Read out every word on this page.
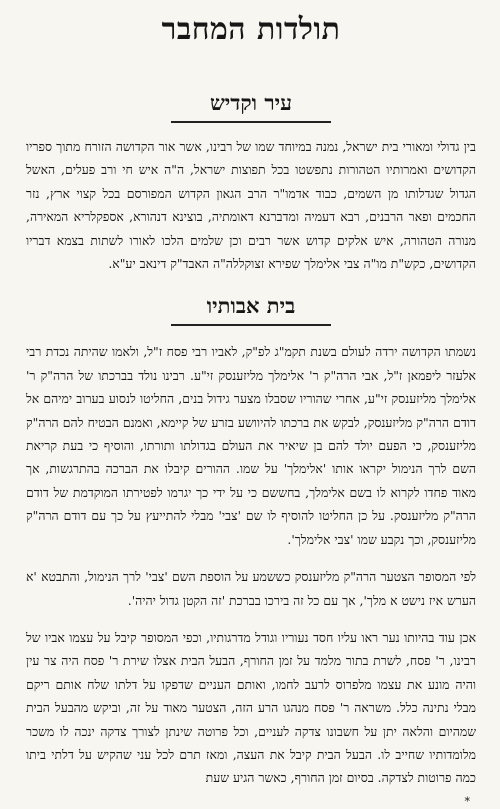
תולדות המחבר
עיר וקדיש

בין גדולי ומאורי בית ישראל, נמנה במיוחד שמו של רבינו, אשר אור הקדושה הזורח מתוך ספריו הקדושים ואמרותיו הטהורות נתפשטו בכל תפוצות ישראל, ה"ה איש חי ורב פעלים, האשל הגדול שגדלותו מן השמים, כבוד אדמו"ר הרב הגאון הקדוש המפורסם בכל קצוי ארץ, נזר החכמים ופאר הרבנים, רבא דעמיה ומדברנא דאומתיה, בוצינא דנהורא, אספקלריא המאירה, מנורה הטהורה, איש אלקים קדוש אשר רבים וכן שלמים הלכו לאורו לשתות בצמא דבריו הקדושים, כקש"ת מו"ה צבי אלימלך שפירא זצוקללה"ה האבד"ק דינאב יע"א.

בית אבותיו

נשמתו הקדושה ירדה לעולם בשנת תקמ"ג לפ"ק, לאביו רבי פסח ז"ל, ולאמו שהיתה נכדת רבי אלעזר ליפמאן ז"ל, אבי הרה"ק ר' אלימלך מליזענסק זי"ע. רבינו נולד בברכתו של הרה"ק ר' אלימלך מליזענסק זי"ע, אחרי שהוריו שסבלו מצער גידול בנים, החליטו לנסוע בערוב ימיהם אל דודם הרה"ק מליזענסק, לבקש את ברכתו להיוושע בזרע של קיימא, ואמנם הבטיח להם הרה"ק מליזענסק, כי הפעם יולד להם בן שיאיר את העולם בגדולתו ותורתו, והוסיף כי בעת קריאת השם לרך הנימול יקראו אותו 'אלימלך' על שמו. ההורים קיבלו את הברכה בהתרגשות, אך מאוד פחדו לקרוא לו בשם אלימלך, בחששם כי על ידי כך יגרמו לפטירתו המוקדמת של דודם הרה"ק מליזענסק. על כן החליטו להוסיף לו שם 'צבי' מבלי להתייעץ על כך עם דודם הרה"ק מליזענסק, וכך נקבע שמו 'צבי אלימלך'.

לפי המסופר הצטער הרה"ק מליזענסק כששמע על הוספת השם 'צבי' לרך הנימול, והתבטא 'א הערש איז נישט א מלך', אך עם כל זה בירכו בברכת 'זה הקטן גדול יהיה'.

אכן עוד בהיותו נער ראו עליו חסד נעוריו וגודל מדרגותיו, וכפי המסופר קיבל על עצמו אביו של רבינו, ר' פסח, לשרת בתור מלמד על זמן החורף, הבעל הבית אצלו שירת ר' פסח היה צר עין והיה מונע את עצמו מלפרוס לרעב לחמו, ואותם העניים שדפקו על דלתו שלח אותם ריקם מבלי נתינה כלל. משראה ר' פסח מנהגו הרע הזה, הצטער מאוד על זה, וביקש מהבעל הבית שמהיום והלאה יתן על חשבונו צדקה לעניים, וכל פרוטה שינתן לצורך צדקה ינכה לו משכר מלומדותיו שחייב לו. הבעל הבית קיבל את העצה, ומאז תרם לכל עני שהקיש על דלתי ביתו כמה פרוטות לצדקה. בסיום זמן החורף, כאשר הגיע שעת

*
